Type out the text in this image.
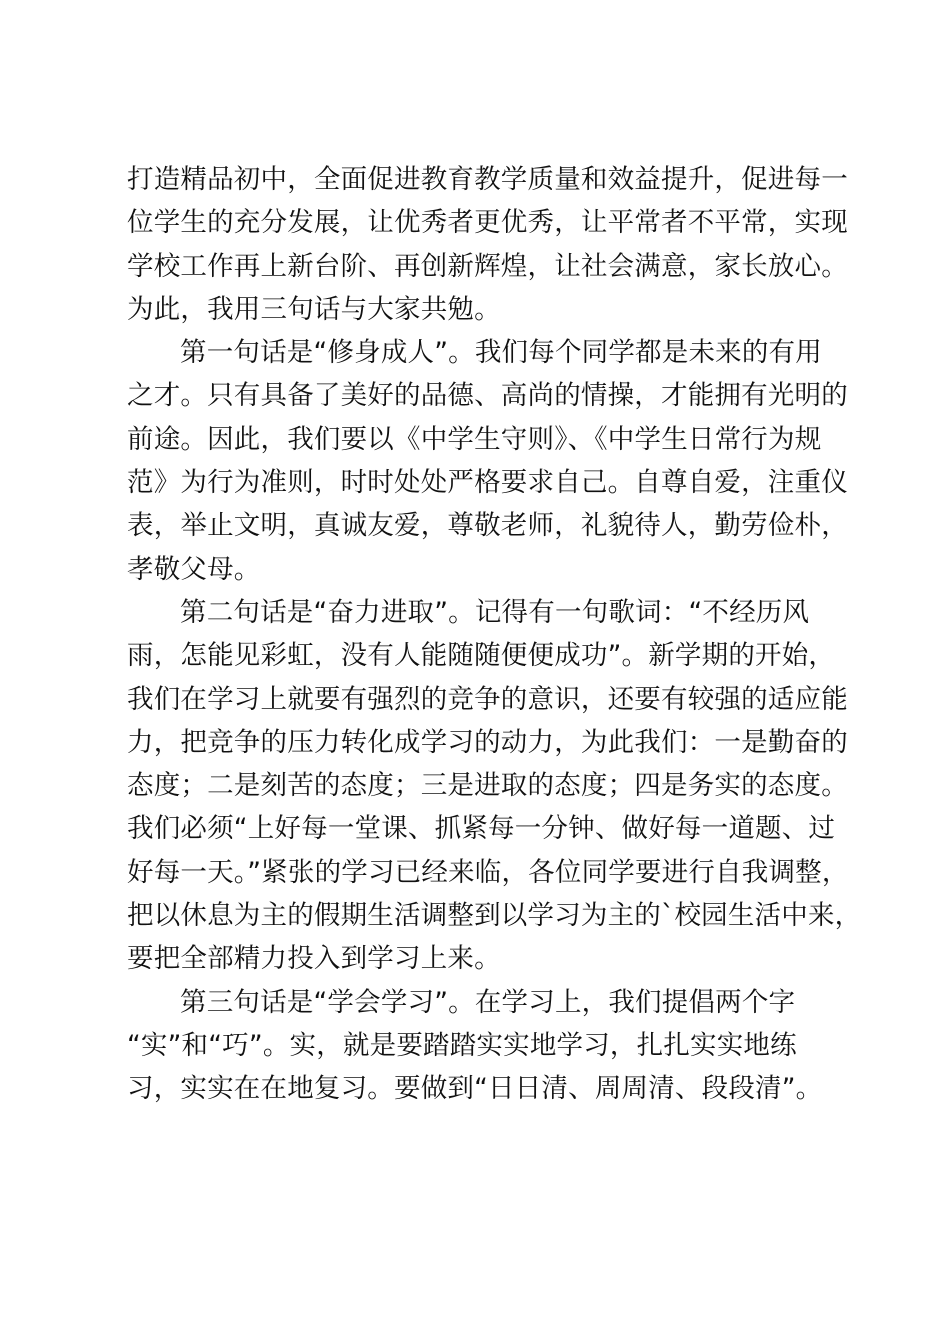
打造精品初中，全面促进教育教学质量和效益提升，促进每一
位学生的充分发展，让优秀者更优秀，让平常者不平常，实现
学校工作再上新台阶、再创新辉煌，让社会满意，家长放心。
为此，我用三句话与大家共勉。
第一句话是“修身成人”。我们每个同学都是未来的有用
之才。只有具备了美好的品德、高尚的情操，才能拥有光明的
前途。因此，我们要以《中学生守则》、《中学生日常行为规
范》为行为准则，时时处处严格要求自己。自尊自爱，注重仪
表，举止文明，真诚友爱，尊敬老师，礼貌待人，勤劳俭朴，
孝敬父母。
第二句话是“奋力进取”。记得有一句歌词：“不经历风
雨，怎能见彩虹，没有人能随随便便成功”。新学期的开始，
我们在学习上就要有强烈的竞争的意识，还要有较强的适应能
力，把竞争的压力转化成学习的动力，为此我们：一是勤奋的
态度；二是刻苦的态度；三是进取的态度；四是务实的态度。
我们必须“上好每一堂课、抓紧每一分钟、做好每一道题、过
好每一天。”紧张的学习已经来临，各位同学要进行自我调整，
把以休息为主的假期生活调整到以学习为主的`校园生活中来，
要把全部精力投入到学习上来。
第三句话是“学会学习”。在学习上，我们提倡两个字
“实”和“巧”。实，就是要踏踏实实地学习，扎扎实实地练
习，实实在在地复习。要做到“日日清、周周清、段段清”。
